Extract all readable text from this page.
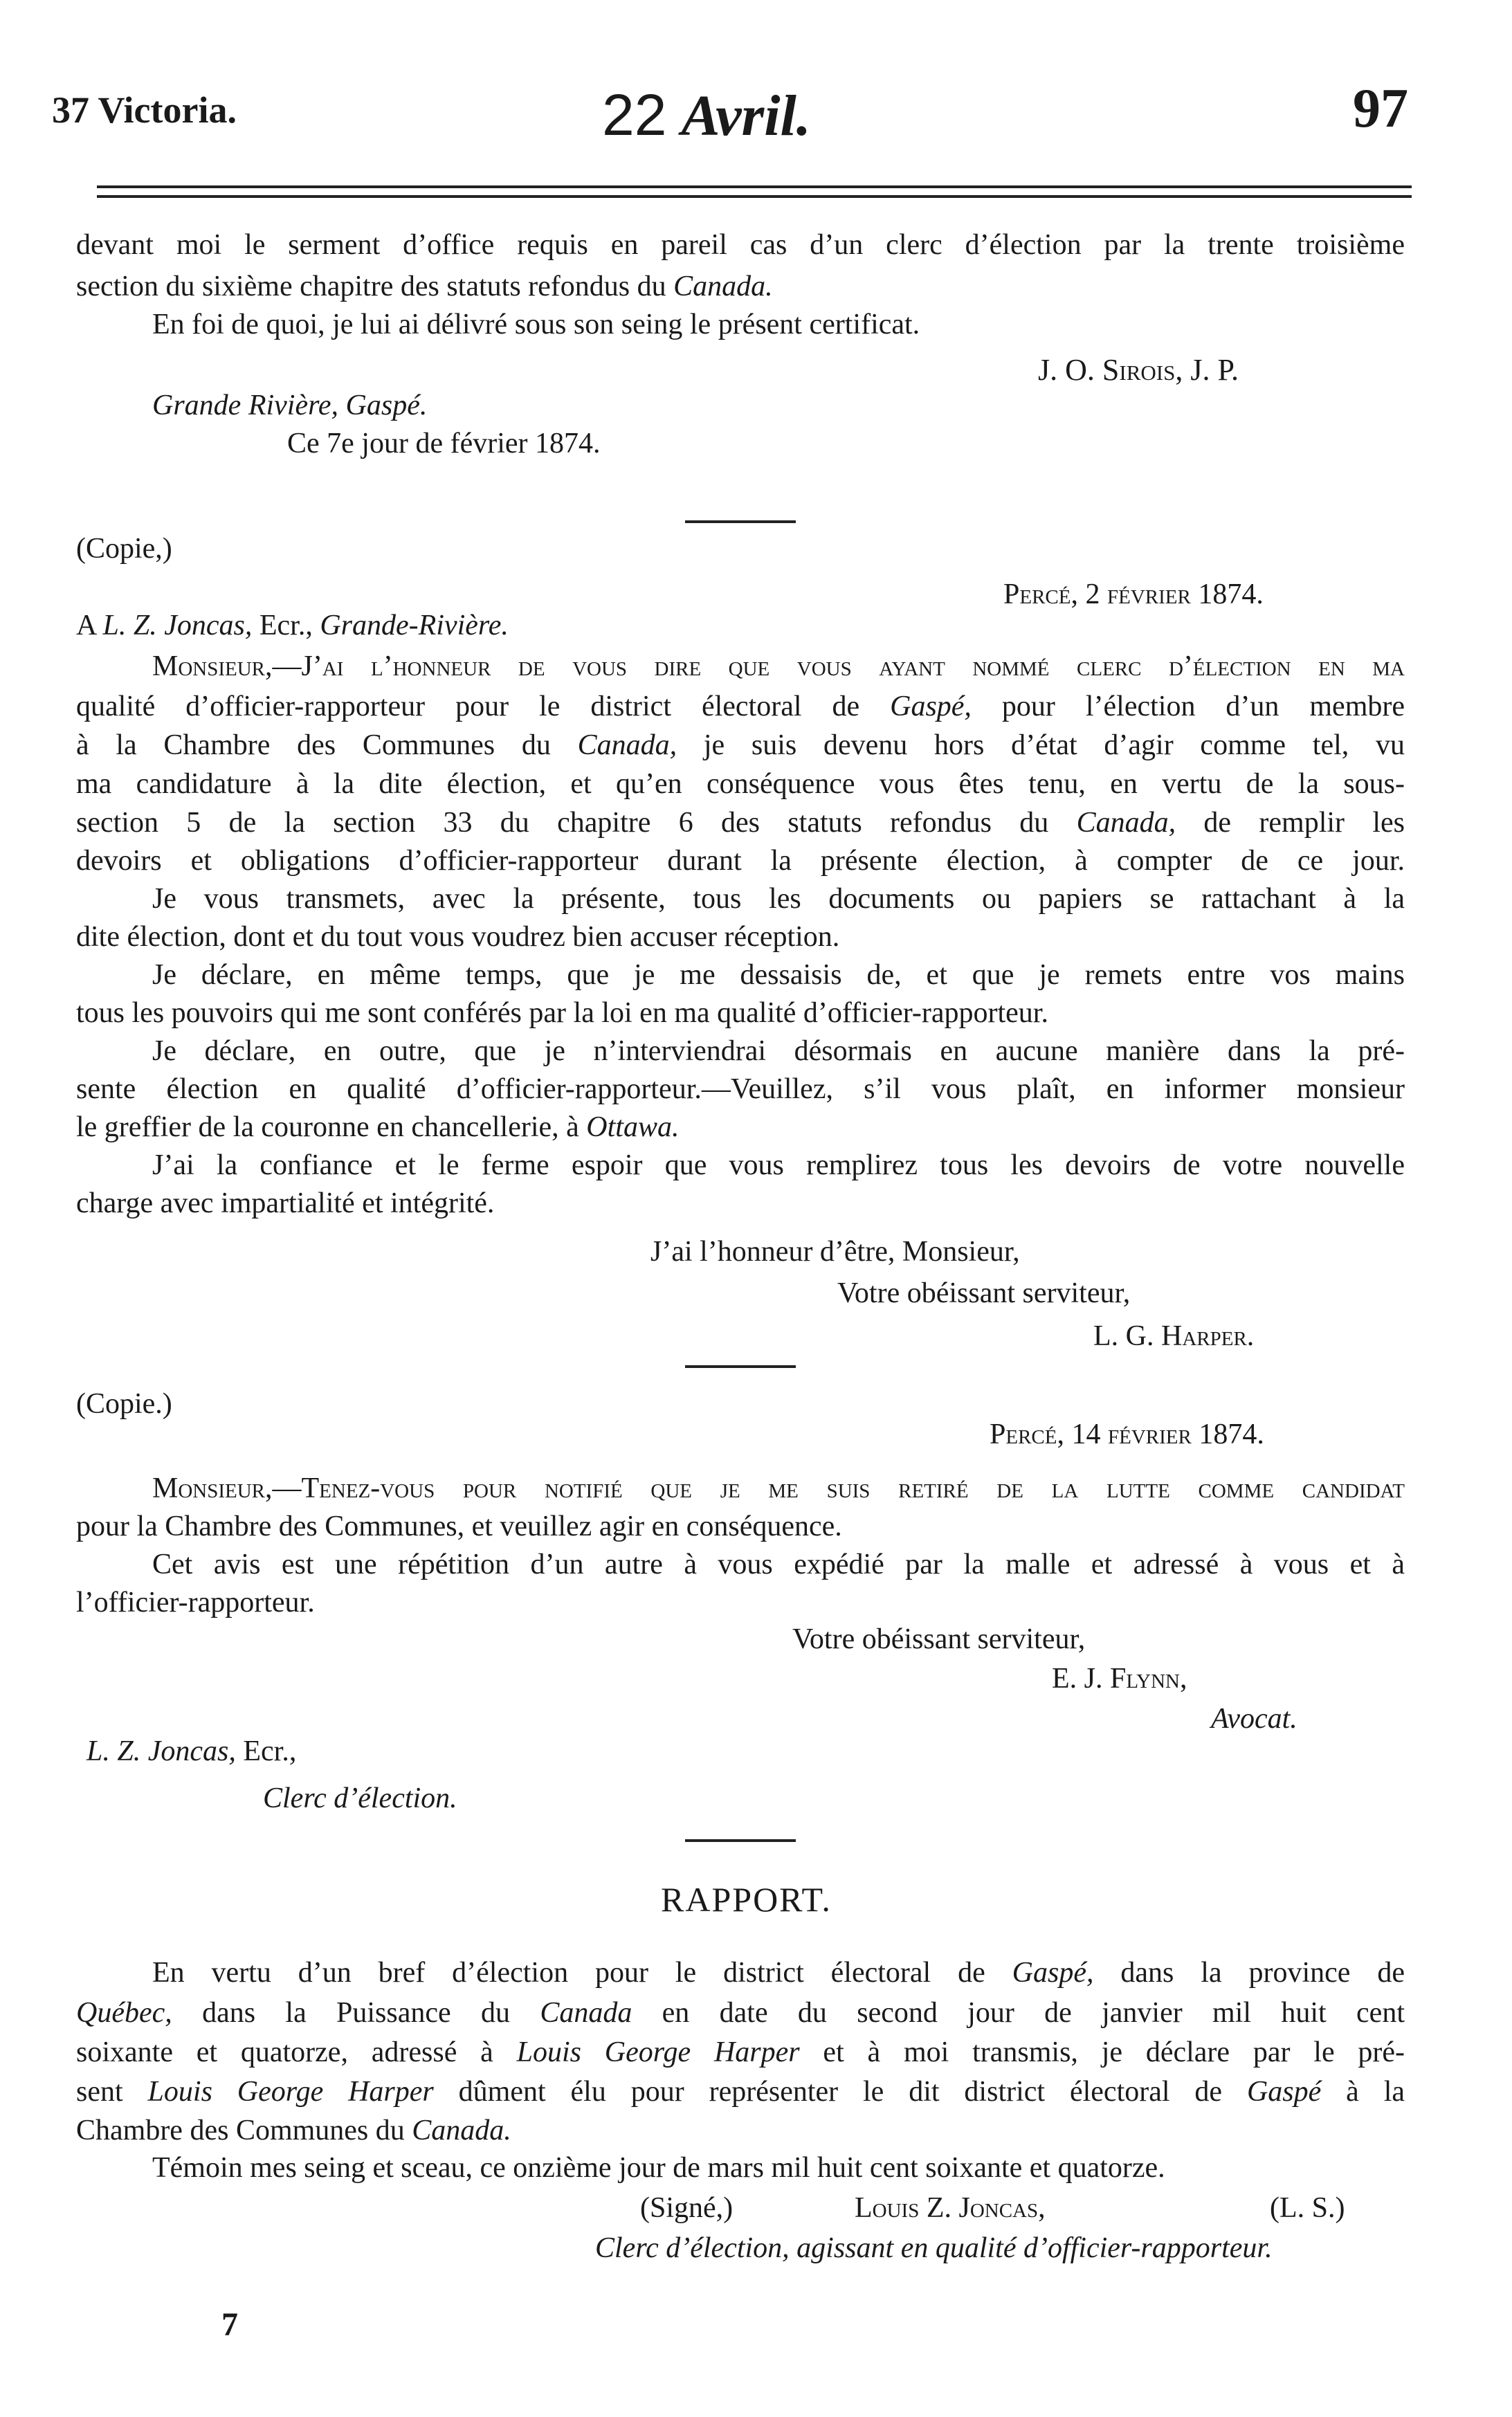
37 Victoria.	22 Avril.	97
devant moi le serment d’office requis en pareil cas d’un clerc d’élection par la trente troisième
section du sixième chapitre des statuts refondus du Canada.
En foi de quoi, je lui ai délivré sous son seing le présent certificat.
J. O. Sirois, J. P.
Grande Rivière, Gaspé.
Ce 7e jour de février 1874.
(Copie,)
Percé, 2 février 1874.
A L. Z. Joncas, Ecr., Grande-Rivière.
Monsieur,—J’ai l’honneur de vous dire que vous ayant nommé clerc d’élection en ma
qualité d’officier-rapporteur pour le district électoral de Gaspé, pour l’élection d’un membre
à la Chambre des Communes du Canada, je suis devenu hors d’état d’agir comme tel, vu
ma candidature à la dite élection, et qu’en conséquence vous êtes tenu, en vertu de la sous-
section 5 de la section 33 du chapitre 6 des statuts refondus du Canada, de remplir les
devoirs et obligations d’officier-rapporteur durant la présente élection, à compter de ce jour.
Je vous transmets, avec la présente, tous les documents ou papiers se rattachant à la
dite élection, dont et du tout vous voudrez bien accuser réception.
Je déclare, en même temps, que je me dessaisis de, et que je remets entre vos mains
tous les pouvoirs qui me sont conférés par la loi en ma qualité d’officier-rapporteur.
Je déclare, en outre, que je n’interviendrai désormais en aucune manière dans la pré-
sente élection en qualité d’officier-rapporteur.—Veuillez, s’il vous plaît, en informer monsieur
le greffier de la couronne en chancellerie, à Ottawa.
J’ai la confiance et le ferme espoir que vous remplirez tous les devoirs de votre nouvelle
charge avec impartialité et intégrité.
J’ai l’honneur d’être, Monsieur,
Votre obéissant serviteur,
L. G. Harper.
(Copie.)
Percé, 14 février 1874.
Monsieur,—Tenez-vous pour notifié que je me suis retiré de la lutte comme candidat
pour la Chambre des Communes, et veuillez agir en conséquence.
Cet avis est une répétition d’un autre à vous expédié par la malle et adressé à vous et à
l’officier-rapporteur.
Votre obéissant serviteur,
E. J. Flynn,
Avocat.
L. Z. Joncas, Ecr.,
Clerc d’élection.
RAPPORT.
En vertu d’un bref d’élection pour le district électoral de Gaspé, dans la province de
Québec, dans la Puissance du Canada en date du second jour de janvier mil huit cent
soixante et quatorze, adressé à Louis George Harper et à moi transmis, je déclare par le pré-
sent Louis George Harper dûment élu pour représenter le dit district électoral de Gaspé à la
Chambre des Communes du Canada.
Témoin mes seing et sceau, ce onzième jour de mars mil huit cent soixante et quatorze.
(Signé,)	Louis Z. Joncas,	(L. S.)
Clerc d’élection, agissant en qualité d’officier-rapporteur.
7
